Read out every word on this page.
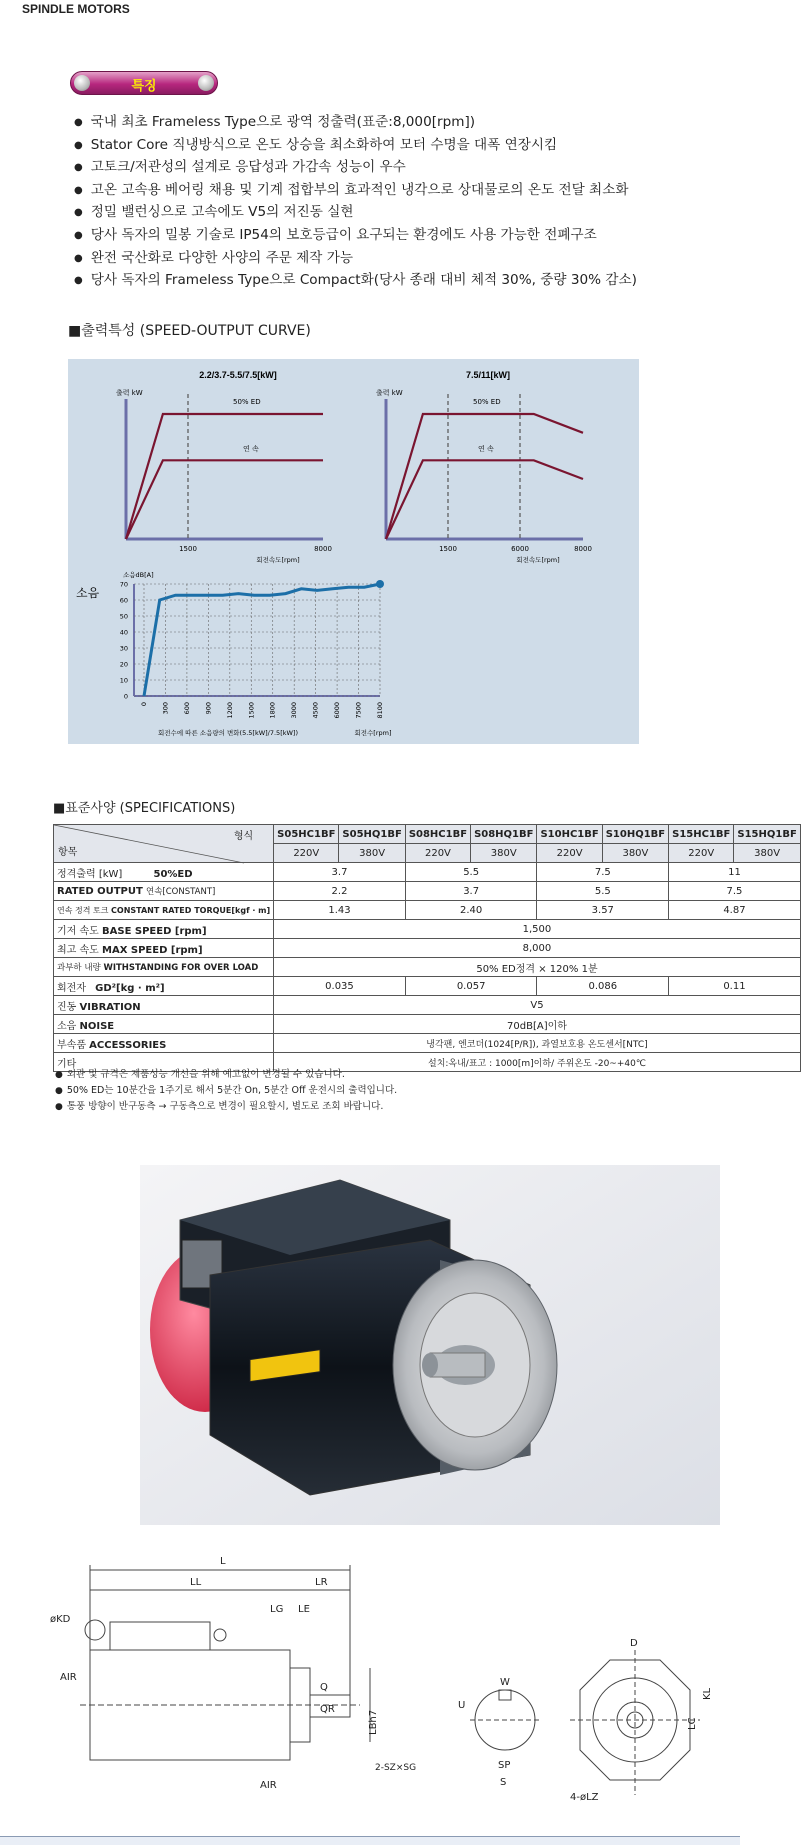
SPINDLE MOTORS
특징
● 국내 최초 Frameless Type으로 광역 정출력(표준:8,000[rpm])
● Stator Core 직냉방식으로 온도 상승을 최소화하여 모터 수명을 대폭 연장시킴
● 고토크/저관성의 설계로 응답성과 가감속 성능이 우수
● 고온 고속용 베어링 채용 및 기계 접합부의 효과적인 냉각으로 상대물로의 온도 전달 최소화
● 정밀 밸런싱으로 고속에도 V5의 저진동 실현
● 당사 독자의 밀봉 기술로 IP54의 보호등급이 요구되는 환경에도 사용 가능한 전폐구조
● 완전 국산화로 다양한 사양의 주문 제작 가능
● 당사 독자의 Frameless Type으로 Compact화(당사 종래 대비 체적 30%, 중량 30% 감소)
■출력특성 (SPEED-OUTPUT CURVE)
2.2/3.7-5.5/7.5[kW]
출력 kW
50% ED
연 속
1500	8000
회전속도[rpm]
7.5/11[kW]
출력 kW
50% ED
연 속
1500	6000	8000
회전속도[rpm]
소음dB[A]
소음
70
60
50
40
30
20
10
0
0 300 600 900 1200 1500 1800 3000 4500 6000 7500 8100
회전수에 따른 소음량의 변화(5.5[kW]/7.5[kW])	회전수[rpm]
■표준사양 (SPECIFICATIONS)
형식
항목	S05HC1BF	S05HQ1BF	S08HC1BF	S08HQ1BF	S10HC1BF	S10HQ1BF	S15HC1BF	S15HQ1BF
	220V	380V	220V	380V	220V	380V	220V	380V
정격출력 [kW] 50%ED	3.7		5.5		7.5		11	
RATED OUTPUT 연속[CONSTANT]	2.2		3.7		5.5		7.5	
연속 정격 토크 CONSTANT RATED TORQUE[kgf · m]	1.43		2.40		3.57		4.87	
기저 속도 BASE SPEED [rpm]	1,500							
최고 속도 MAX SPEED [rpm]	8,000							
과부하 내량 WITHSTANDING FOR OVER LOAD	50% ED정격 × 120% 1분							
회전자 GD²[kg · m²]	0.035		0.057		0.086		0.11	
진동 VIBRATION	V5							
소음 NOISE	70dB[A]이하							
부속품 ACCESSORIES	냉각팬, 엔코더(1024[P/R]), 과열보호용 온도센서[NTC]							
기타	설치:옥내/표고 : 1000[m]이하/ 주위온도 -20~+40℃							
● 외관 및 규격은 제품성능 개선을 위해 예고없이 변경될 수 있습니다.
● 50% ED는 10분간을 1주기로 해서 5분간 On, 5분간 Off 운전시의 출력입니다.
● 통풍 방향이 반구동측 → 구동측으로 변경이 필요할시, 별도로 조회 바랍니다.
L
LL	LR
LG LE
øKD
AIR
Q
QR
LBh7
AIR
W
U
2-SZ×SG	SP
S
D
KL
LC
4-øLZ
